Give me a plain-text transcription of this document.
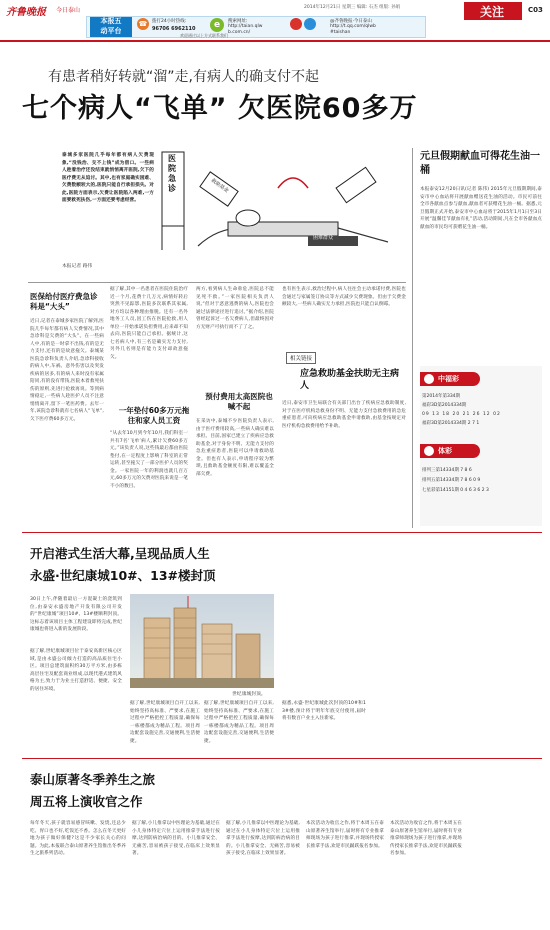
齐鲁晚报 今日泰山
本报五
动平台
☎	拨打24小时热线:
96706 6962110	e	搜索网址:
http://taian.qlw
b.com.cn/
@齐鲁晚报·今日泰山
http://t.qq.com/qlwb
#taishan
欢迎通过以上方式联系我们
2014年12月21日 星期三 编辑: 石杰 组版: 孙娟	关注	C03
有患者稍好转就“溜”走,有病人的确支付不起
七个病人“飞单” 欠医院60多万
医院急诊	救助基金
困难群众

泰城多家医院几乎每年都有病人欠费现象,“没钱治、交不上钱”成为借口。一些病人趁着治疗还没结束就悄悄离开医院,欠下的医疗费无从追讨。其中,也有家庭确实困难、欠费数额较大的,医院只能自行承担损失。对此,医院方面表示,欠费让医院陷入两难,一方面要救死扶伤,一方面还要考虑经营。

本报记者 路伟
医保给付医疗费急诊科是“大头”

近日,记者在泰城多家医院了解到,医院几乎每年都有病人欠费情况,其中急诊科是欠费的“大头”。在一些病人中,有的是一时拿不出钱,有的是无力支付,还有的是故意拖欠。泰城某医院急诊科负责人介绍,急诊科接收的病人中,车祸、意外伤害以及突发疾病的居多,有的病人来时没有家属陪同,有的没有带钱,医院本着救死扶伤的原则,先进行抢救再说。等到病情稳定,一些病人趁医护人员不注意悄悄离开,留下一笔医药费。去年一年,该院急诊科就有七名病人“飞单”,欠下医疗费60多万元。

据了解,其中一名患者在医院住院治疗近一个月,花费十几万元,病情好转后突然不见踪影,医院多次联系其家属,对方均以各种理由推脱。还有一名外地务工人员,因工伤在医院抢救,用人单位一开始承诺负担费用,后来却不知去向,医院只能自己承担。据统计,这七名病人中,有三名是确实无力支付,另外几名则是有能力支付却故意拖欠。

一年垫付60多万元拖往和家人员工资

“从去年10月到今年10月,我们科室一共有7名‘飞单’病人,累计欠费60多万元。”该负责人说,这些钱最后都由医院垫付,在一定程度上影响了科室的正常运转,甚至拖欠了一部分医护人员的奖金。一家医院一年的利润也就几百万元,60多万元的欠费对医院来说是一笔不小的数目。

两方,看到病人生命垂危,医院总不能见死不救。”一家医院相关负责人说,“但对于恶意逃费的病人,医院也会通过法律途径进行追讨。”据介绍,医院曾经起诉过一名欠费病人,但最终因对方无财产可执行而不了了之。

预付费用太高医院也喊不起

在采访中,泰城不少医院负责人表示,由于医疗费用较高,一些病人确实难以承担。目前,国家已建立了疾病应急救助基金,对于身份不明、无能力支付的急危重症患者,医院可以申请救助基金。但也有人表示,申请程序较为繁琐,且救助基金额度有限,难以覆盖全部欠费。

也有医生表示,救治过程中,病人往往会主动承诺付费,医院也会通过与家属签订协议等方式减少欠费现象。但由于欠费金额较大,一些病人确实无力承担,医院也只能自认倒霉。

相关链接
应急救助基金扶助无主病人

近日,泰安市卫生局联合有关部门出台了疾病应急救助制度,对于在医疗机构急救身份不明、无能力支付急救费用的急危重症患者,可向疾病应急救助基金申请救助,由基金按规定对医疗机构急救费用给予补助。

元旦假期献血可得花生油一桶

本报泰安12月20日讯(记者 陈伟) 2015年元旦假期期间,泰安市中心血站将开展献血赠送花生油的活动。市民可前往全市各献血点参与献血,献血者可获赠花生油一桶。据悉,元旦假期正式开始,泰安市中心血站将于2015年1月1日至3日开展“温馨佳节献血有礼”活动,活动期间,凡在全市各献血点献血的市民均可获赠花生油一桶。

中福彩
第2014年第334期
福彩3D第2014334期
09 13 18 20 21 26 12 02
福彩3D第2014334期 2 7 1
体彩
排列三第14334期 7 8 6
排列五第14334期 7 8 6 0 9
七星彩第14151期 0 4 6 3 6 2 3
开启港式生活大幕,呈现品质人生
永盛·世纪康城10#、13#楼封顶

30日上午,伴随着最后一方混凝土的浇筑到位,由泰安永盛房地产开发有限公司开发的“世纪康城”项目10#、13#楼顺利封顶。这标志着该项目主体工程建设即将完成,世纪康城也将进入新的发展阶段。

据了解,世纪康城项目位于泰安高新区核心区域,是由永盛公司倾力打造的高品质住宅小区。项目总建筑面积约30万平方米,由多栋高层住宅及配套商业组成,以现代港式建筑风格为主,致力于为业主打造舒适、便捷、安全的居住环境。

世纪康城封顶。

据了解,世纪康城项目自开工以来,始终坚持高标准、严要求,在施工过程中严格把控工程质量,确保每一栋楼都成为精品工程。项目周边配套设施完善,交通便利,生活便捷。

据了解,世纪康城项目自开工以来,始终坚持高标准、严要求,在施工过程中严格把控工程质量,确保每一栋楼都成为精品工程。项目周边配套设施完善,交通便利,生活便捷。

据悉,永盛·世纪康城此次封顶的10#和13#楼,预计将于明年年底交付使用,届时将有数百户业主入住新家。

泰山原著冬季养生之旅
周五将上演收官之作

每年冬天,孩子就容易感冒咳嗽、发烧,还总少吃、胃口也不好,吃饭还不香。怎么在冬天更好地为孩子做好保健?这是不少家长关心的问题。为此,本报联合泰山原著养生馆推出冬季养生之旅系列活动。

据了解,小儿推拿以中医理论为基础,通过在小儿身体特定穴位上运用推拿手法进行按摩,达到防病治病的目的。小儿推拿安全、无痛苦,容易被孩子接受,在临床上效果显著。

据了解,小儿推拿以中医理论为基础,通过在小儿身体特定穴位上运用推拿手法进行按摩,达到防病治病的目的。小儿推拿安全、无痛苦,容易被孩子接受,在临床上效果显著。

本次活动为收官之作,将于本周五在泰山原著养生馆举行,届时将有专业推拿师现场为孩子进行推拿,并现场传授家长推拿手法,欢迎市民踊跃报名参加。

本次活动为收官之作,将于本周五在泰山原著养生馆举行,届时将有专业推拿师现场为孩子进行推拿,并现场传授家长推拿手法,欢迎市民踊跃报名参加。
